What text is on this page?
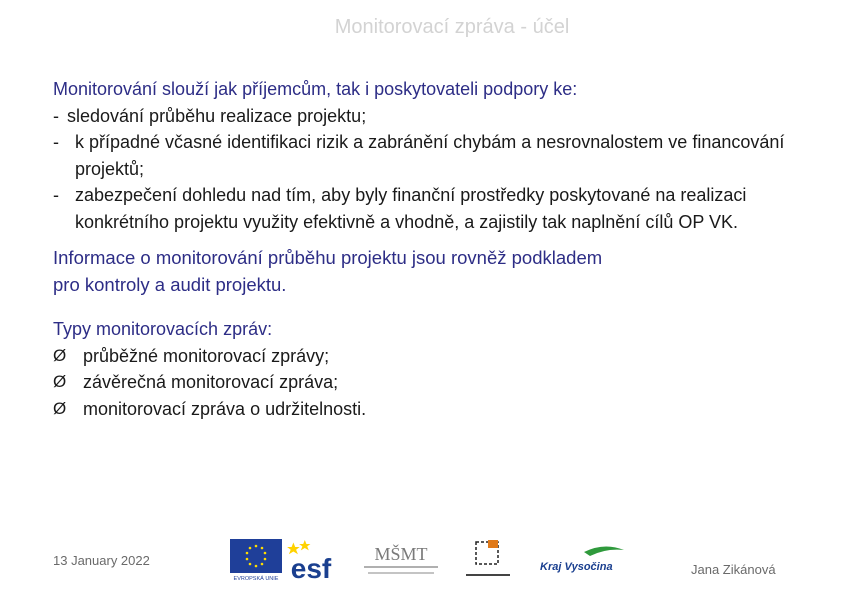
Monitorovací zpráva - účel

Monitorování slouží jak příjemcům, tak i poskytovateli podpory ke:

- sledování průběhu realizace projektu;
- k případné včasné identifikaci rizik a zabránění chybám a nesrovnalostem ve financování projektů;
- zabezpečení dohledu nad tím, aby byly finanční prostředky poskytované na realizaci konkrétního projektu využity efektivně a vhodně, a zajistily tak naplnění cílů OP VK.
Informace o monitorování průběhu projektu jsou rovněž podkladem
pro kontroly a audit projektu.
Typy monitorovacích zpráv:
Ø průběžné monitorovací zprávy;
Ø závěrečná monitorovací zpráva;
Ø monitorovací zpráva o udržitelnosti.
13 January 2022
EVROPSKÁ UNIE esf MŠMT
Kraj Vysočina	Jana Zikánová
